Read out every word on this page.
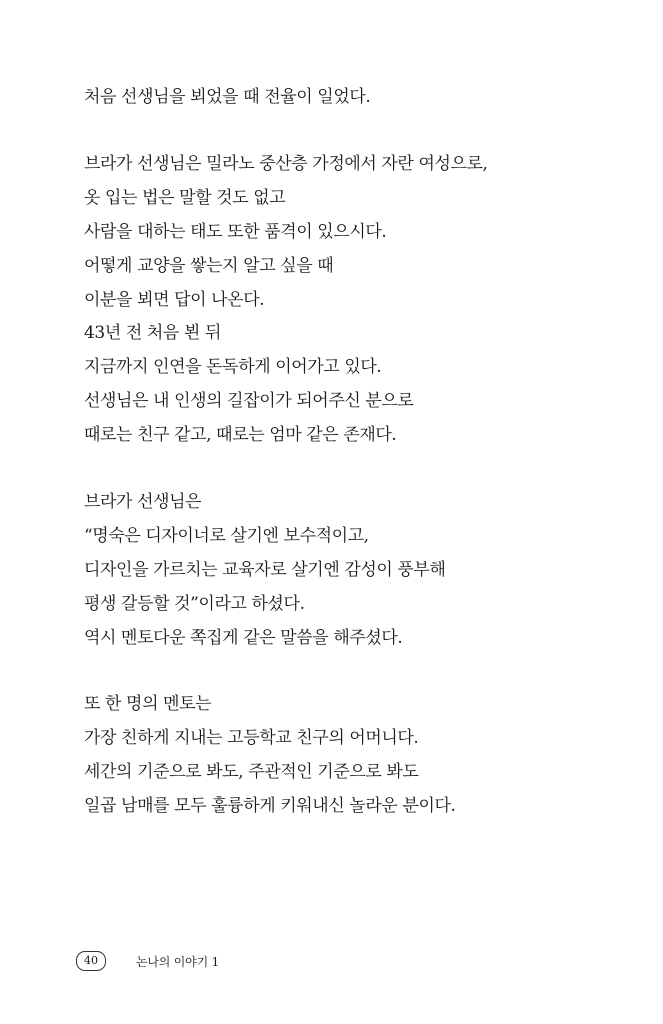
처음 선생님을 뵈었을 때 전율이 일었다.
브라가 선생님은 밀라노 중산층 가정에서 자란 여성으로,
옷 입는 법은 말할 것도 없고
사람을 대하는 태도 또한 품격이 있으시다.
어떻게 교양을 쌓는지 알고 싶을 때
이분을 뵈면 답이 나온다.
43년 전 처음 뵌 뒤
지금까지 인연을 돈독하게 이어가고 있다.
선생님은 내 인생의 길잡이가 되어주신 분으로
때로는 친구 같고, 때로는 엄마 같은 존재다.
브라가 선생님은
“명숙은 디자이너로 살기엔 보수적이고,
디자인을 가르치는 교육자로 살기엔 감성이 풍부해
평생 갈등할 것”이라고 하셨다.
역시 멘토다운 쪽집게 같은 말씀을 해주셨다.
또 한 명의 멘토는
가장 친하게 지내는 고등학교 친구의 어머니다.
세간의 기준으로 봐도, 주관적인 기준으로 봐도
일곱 남매를 모두 훌륭하게 키워내신 놀라운 분이다.
40	논나의 이야기 1
